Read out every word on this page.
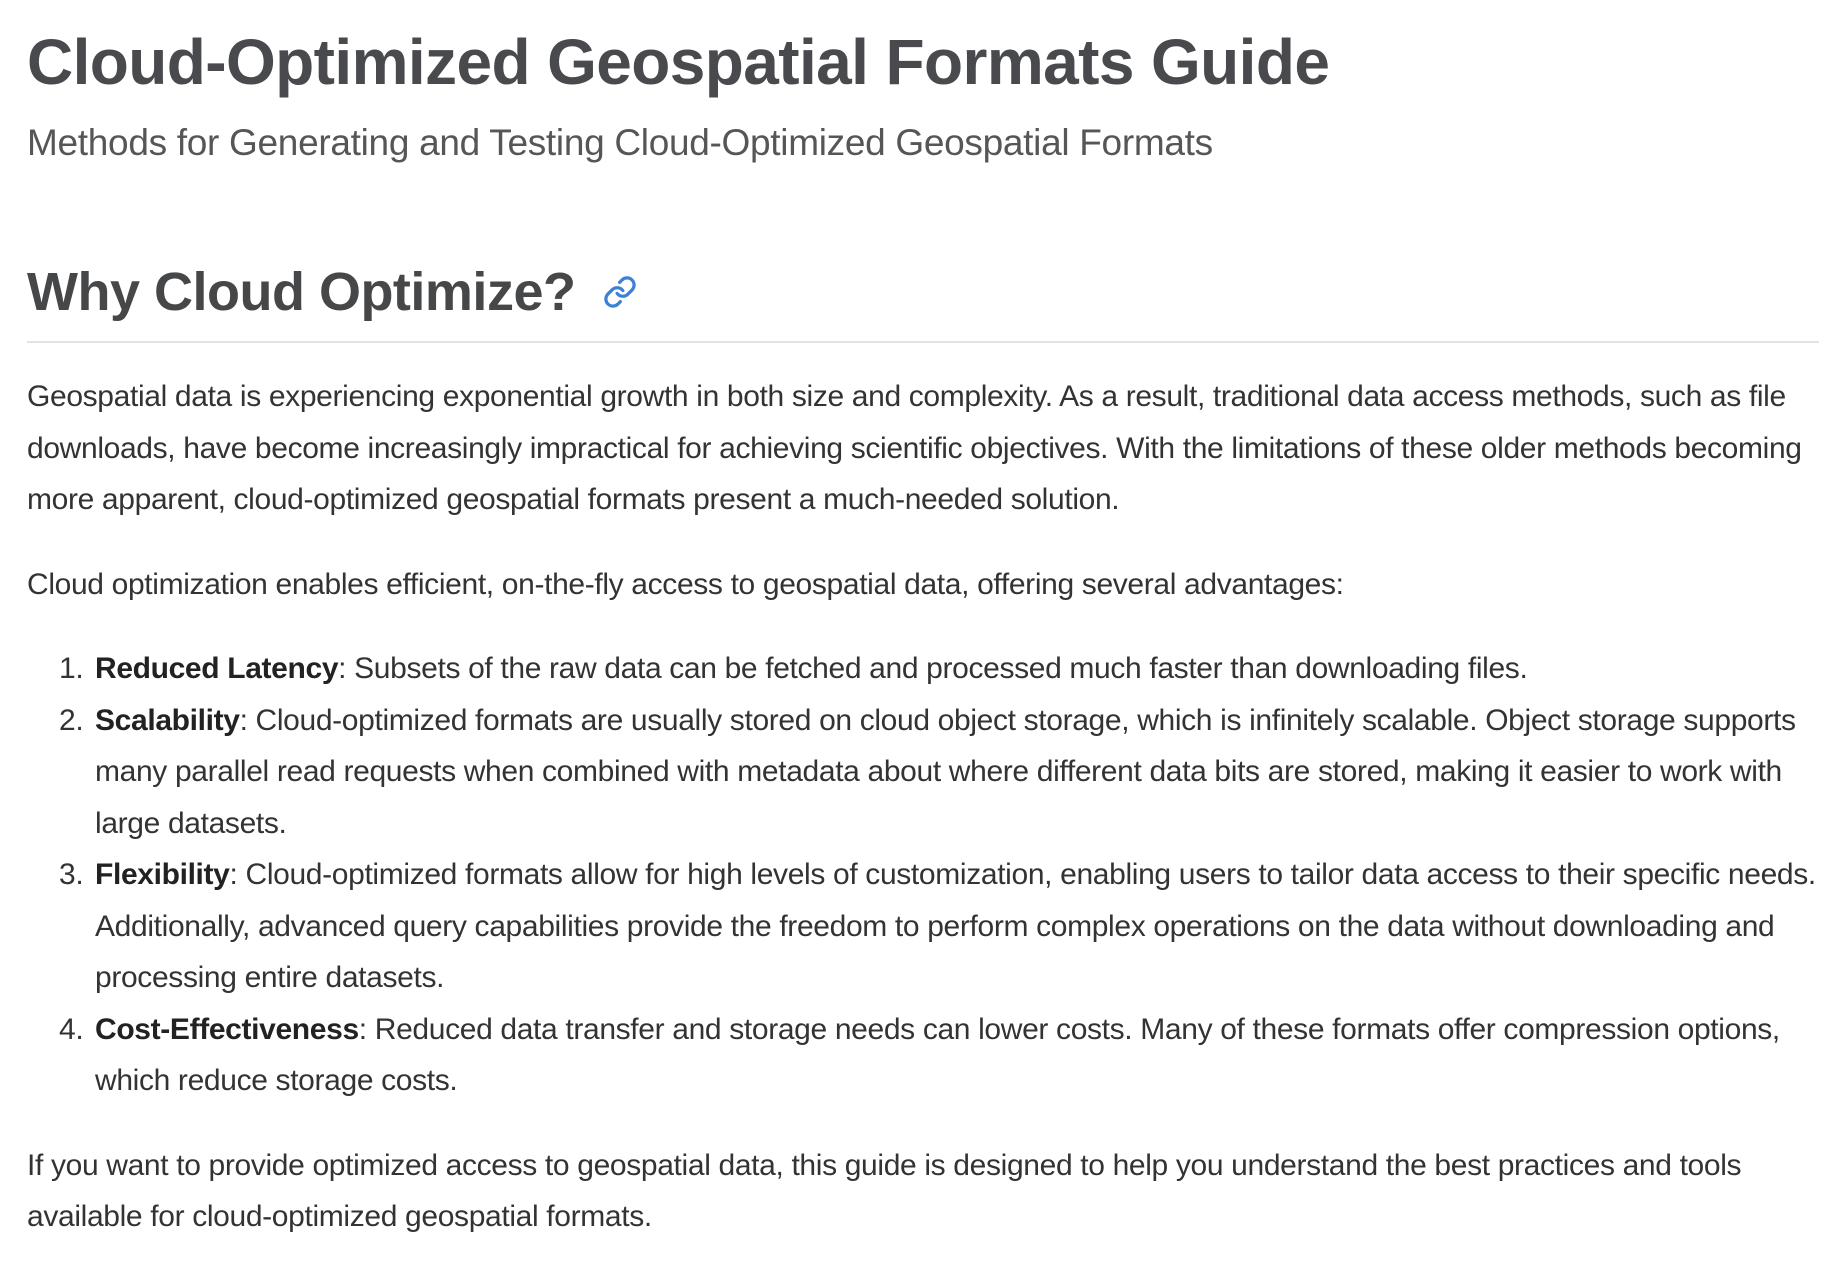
Cloud-Optimized Geospatial Formats Guide

Methods for Generating and Testing Cloud-Optimized Geospatial Formats

Why Cloud Optimize?

Geospatial data is experiencing exponential growth in both size and complexity. As a result, traditional data access methods, such as file downloads, have become increasingly impractical for achieving scientific objectives. With the limitations of these older methods becoming more apparent, cloud-optimized geospatial formats present a much-needed solution.

Cloud optimization enables efficient, on-the-fly access to geospatial data, offering several advantages:

1. Reduced Latency: Subsets of the raw data can be fetched and processed much faster than downloading files.
2. Scalability: Cloud-optimized formats are usually stored on cloud object storage, which is infinitely scalable. Object storage supports many parallel read requests when combined with metadata about where different data bits are stored, making it easier to work with large datasets.
3. Flexibility: Cloud-optimized formats allow for high levels of customization, enabling users to tailor data access to their specific needs. Additionally, advanced query capabilities provide the freedom to perform complex operations on the data without downloading and processing entire datasets.
4. Cost-Effectiveness: Reduced data transfer and storage needs can lower costs. Many of these formats offer compression options, which reduce storage costs.

If you want to provide optimized access to geospatial data, this guide is designed to help you understand the best practices and tools available for cloud-optimized geospatial formats.
